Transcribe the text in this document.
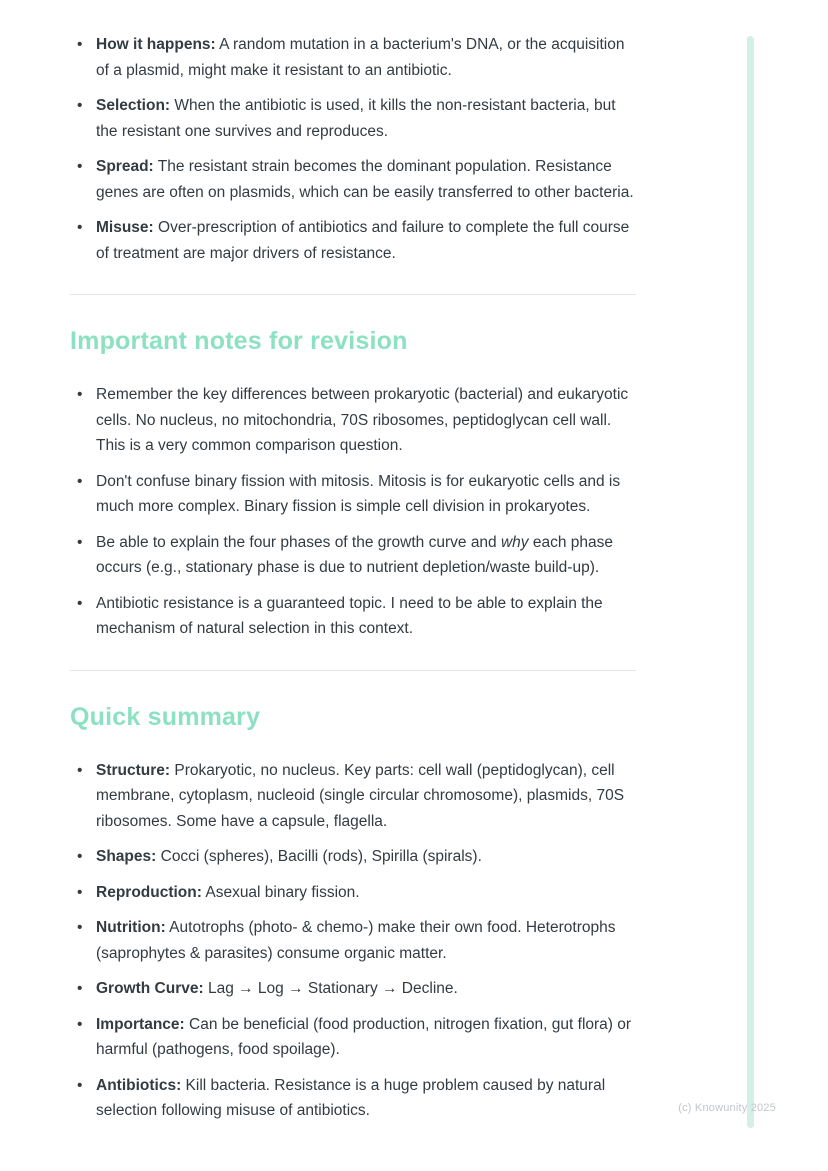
• How it happens: A random mutation in a bacterium's DNA, or the acquisition of a plasmid, might make it resistant to an antibiotic.
• Selection: When the antibiotic is used, it kills the non-resistant bacteria, but the resistant one survives and reproduces.
• Spread: The resistant strain becomes the dominant population. Resistance genes are often on plasmids, which can be easily transferred to other bacteria.
• Misuse: Over-prescription of antibiotics and failure to complete the full course of treatment are major drivers of resistance.
Important notes for revision
• Remember the key differences between prokaryotic (bacterial) and eukaryotic cells. No nucleus, no mitochondria, 70S ribosomes, peptidoglycan cell wall. This is a very common comparison question.
• Don't confuse binary fission with mitosis. Mitosis is for eukaryotic cells and is much more complex. Binary fission is simple cell division in prokaryotes.
• Be able to explain the four phases of the growth curve and why each phase occurs (e.g., stationary phase is due to nutrient depletion/waste build-up).
• Antibiotic resistance is a guaranteed topic. I need to be able to explain the mechanism of natural selection in this context.
Quick summary
• Structure: Prokaryotic, no nucleus. Key parts: cell wall (peptidoglycan), cell membrane, cytoplasm, nucleoid (single circular chromosome), plasmids, 70S ribosomes. Some have a capsule, flagella.
• Shapes: Cocci (spheres), Bacilli (rods), Spirilla (spirals).
• Reproduction: Asexual binary fission.
• Nutrition: Autotrophs (photo- & chemo-) make their own food. Heterotrophs (saprophytes & parasites) consume organic matter.
• Growth Curve: Lag → Log → Stationary → Decline.
• Importance: Can be beneficial (food production, nitrogen fixation, gut flora) or harmful (pathogens, food spoilage).
• Antibiotics: Kill bacteria. Resistance is a huge problem caused by natural selection following misuse of antibiotics.	(c) Knowunity 2025
